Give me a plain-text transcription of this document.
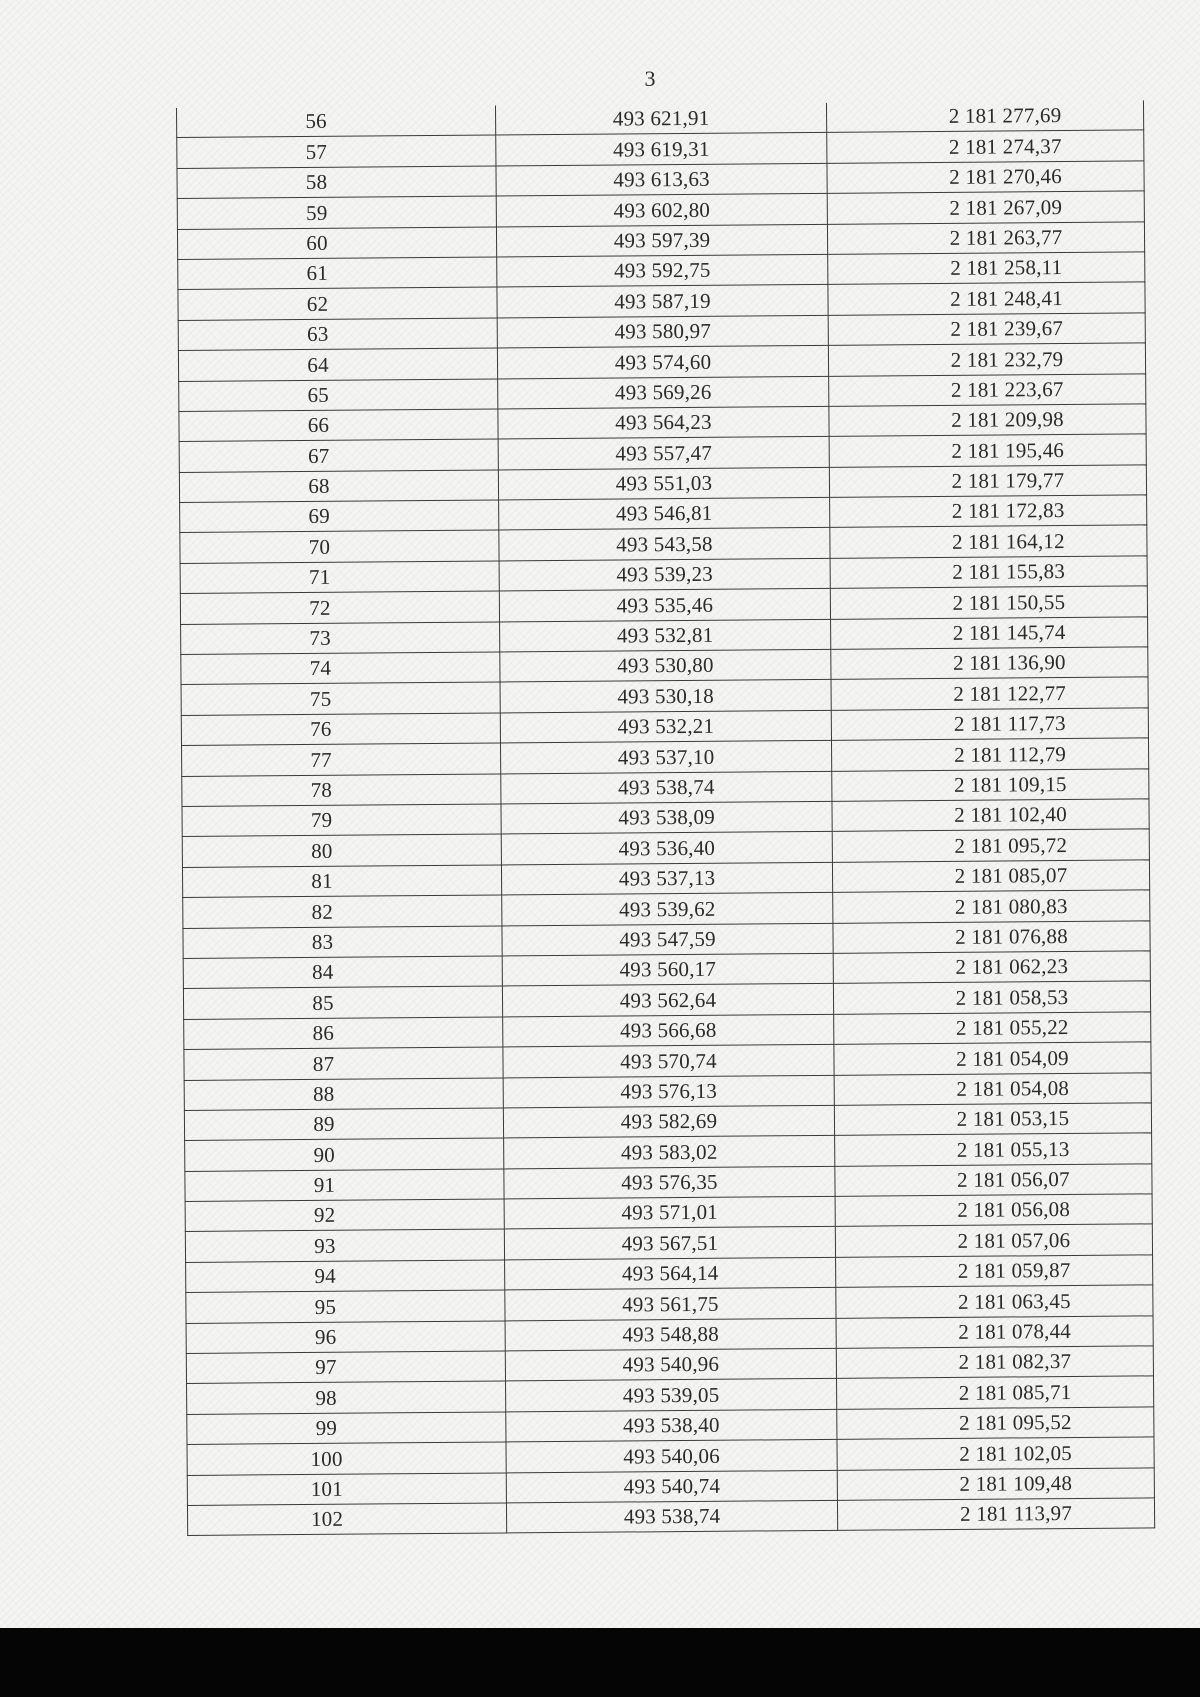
3
56	493 621,91	2 181 277,69
57	493 619,31	2 181 274,37
58	493 613,63	2 181 270,46
59	493 602,80	2 181 267,09
60	493 597,39	2 181 263,77
61	493 592,75	2 181 258,11
62	493 587,19	2 181 248,41
63	493 580,97	2 181 239,67
64	493 574,60	2 181 232,79
65	493 569,26	2 181 223,67
66	493 564,23	2 181 209,98
67	493 557,47	2 181 195,46
68	493 551,03	2 181 179,77
69	493 546,81	2 181 172,83
70	493 543,58	2 181 164,12
71	493 539,23	2 181 155,83
72	493 535,46	2 181 150,55
73	493 532,81	2 181 145,74
74	493 530,80	2 181 136,90
75	493 530,18	2 181 122,77
76	493 532,21	2 181 117,73
77	493 537,10	2 181 112,79
78	493 538,74	2 181 109,15
79	493 538,09	2 181 102,40
80	493 536,40	2 181 095,72
81	493 537,13	2 181 085,07
82	493 539,62	2 181 080,83
83	493 547,59	2 181 076,88
84	493 560,17	2 181 062,23
85	493 562,64	2 181 058,53
86	493 566,68	2 181 055,22
87	493 570,74	2 181 054,09
88	493 576,13	2 181 054,08
89	493 582,69	2 181 053,15
90	493 583,02	2 181 055,13
91	493 576,35	2 181 056,07
92	493 571,01	2 181 056,08
93	493 567,51	2 181 057,06
94	493 564,14	2 181 059,87
95	493 561,75	2 181 063,45
96	493 548,88	2 181 078,44
97	493 540,96	2 181 082,37
98	493 539,05	2 181 085,71
99	493 538,40	2 181 095,52
100	493 540,06	2 181 102,05
101	493 540,74	2 181 109,48
102	493 538,74	2 181 113,97
